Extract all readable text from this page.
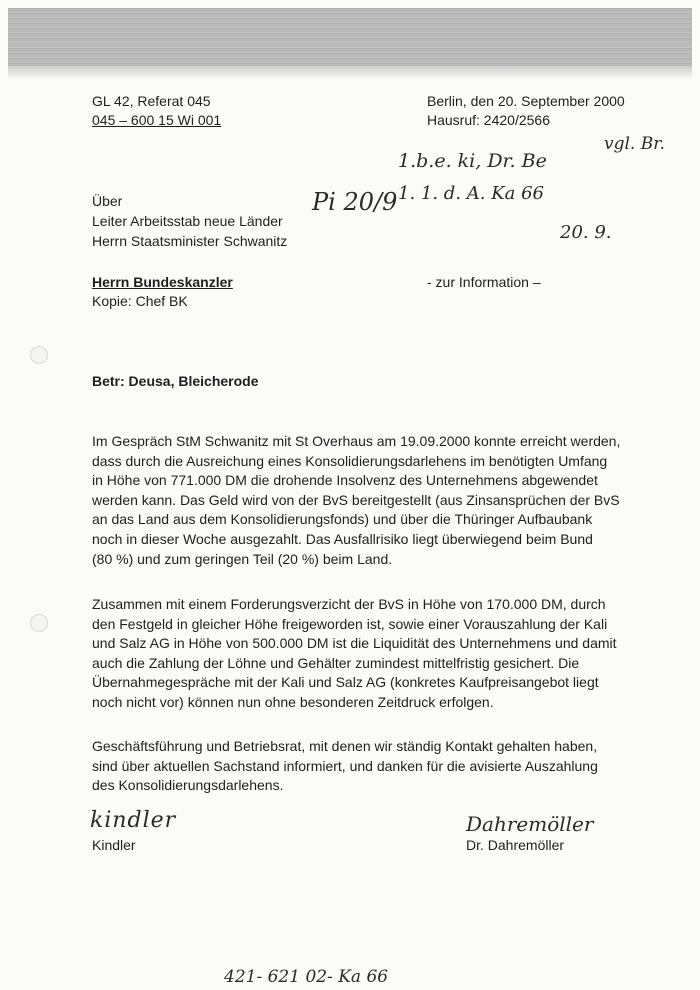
GL 42, Referat 045
045 – 600 15 Wi 001
Berlin, den 20. September 2000
Hausruf: 2420/2566
Über
Leiter Arbeitsstab neue Länder
Herrn Staatsminister Schwanitz
Herrn Bundeskanzler
Kopie: Chef BK
- zur Information –
Betr: Deusa, Bleicherode
Im Gespräch StM Schwanitz mit St Overhaus am 19.09.2000 konnte erreicht werden,
dass durch die Ausreichung eines Konsolidierungsdarlehens im benötigten Umfang
in Höhe von 771.000 DM die drohende Insolvenz des Unternehmens abgewendet
werden kann. Das Geld wird von der BvS bereitgestellt (aus Zinsansprüchen der BvS
an das Land aus dem Konsolidierungsfonds) und über die Thüringer Aufbaubank
noch in dieser Woche ausgezahlt. Das Ausfallrisiko liegt überwiegend beim Bund
(80 %) und zum geringen Teil (20 %) beim Land.
Zusammen mit einem Forderungsverzicht der BvS in Höhe von 170.000 DM, durch
den Festgeld in gleicher Höhe freigeworden ist, sowie einer Vorauszahlung der Kali
und Salz AG in Höhe von 500.000 DM ist die Liquidität des Unternehmens und damit
auch die Zahlung der Löhne und Gehälter zumindest mittelfristig gesichert. Die
Übernahmegespräche mit der Kali und Salz AG (konkretes Kaufpreisangebot liegt
noch nicht vor) können nun ohne besonderen Zeitdruck erfolgen.
Geschäftsführung und Betriebsrat, mit denen wir ständig Kontakt gehalten haben,
sind über aktuellen Sachstand informiert, und danken für die avisierte Auszahlung
des Konsolidierungsdarlehens.
kindler
Kindler
Dahremöller
Dr. Dahremöller
vgl. Br.
1.b.e. ki, Dr. Be
1. 1. d. A. Ka 66
Pi 20/9
20. 9.
421- 621 02- Ka 66
